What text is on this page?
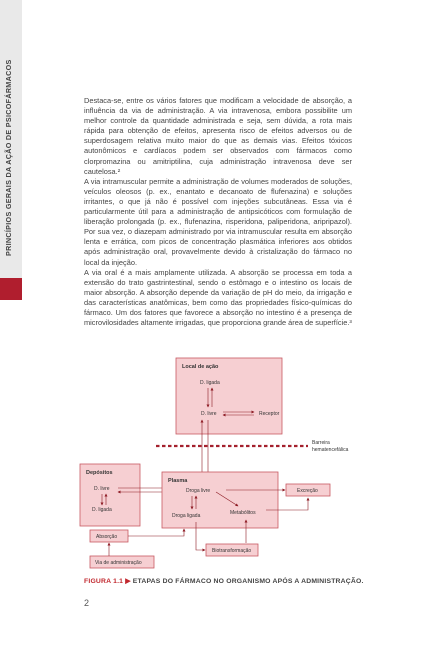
Destaca-se, entre os vários fatores que modificam a velocidade de absorção, a influência da via de administração. A via intravenosa, embora possibilite um melhor controle da quantidade administrada e seja, sem dúvida, a rota mais rápida para obtenção de efeitos, apresenta risco de efeitos adversos ou de superdosagem relativa muito maior do que as demais vias. Efeitos tóxicos autonômicos e cardíacos podem ser observados com fármacos como clorpromazina ou amitriptilina, cuja administração intravenosa deve ser cautelosa.²

A via intramuscular permite a administração de volumes moderados de soluções, veículos oleosos (p. ex., enantato e decanoato de flufenazina) e soluções irritantes, o que já não é possível com injeções subcutâneas. Essa via é particularmente útil para a administração de antipsicóticos com formulação de liberação prolongada (p. ex., flufenazina, risperidona, paliperidona, aripripazol). Por sua vez, o diazepam administrado por via intramuscular resulta em absorção lenta e errática, com picos de concentração plasmática inferiores aos obtidos após administração oral, provavelmente devido à cristalização do fármaco no local da injeção.

A via oral é a mais amplamente utilizada. A absorção se processa em toda a extensão do trato gastrintestinal, sendo o estômago e o intestino os locais de maior absorção. A absorção depende da variação de pH do meio, da irrigação e das características anatômicas, bem como das propriedades físico-químicas do fármaco. Um dos fatores que favorece a absorção no intestino é a presença de microvilosidades altamente irrigadas, que proporciona grande área de superfície.³

Local de ação
D. ligada
D. livre	Receptor
Barreira
hematencefálica
Depósitos
D. livre
D. ligada
Plasma
Droga livre
Droga ligada	Metabólitos
Excreção
Absorção
Via de administração
Biotransformação
FIGURA 1.1 ▶ ETAPAS DO FÁRMACO NO ORGANISMO APÓS A ADMINISTRAÇÃO.
2
